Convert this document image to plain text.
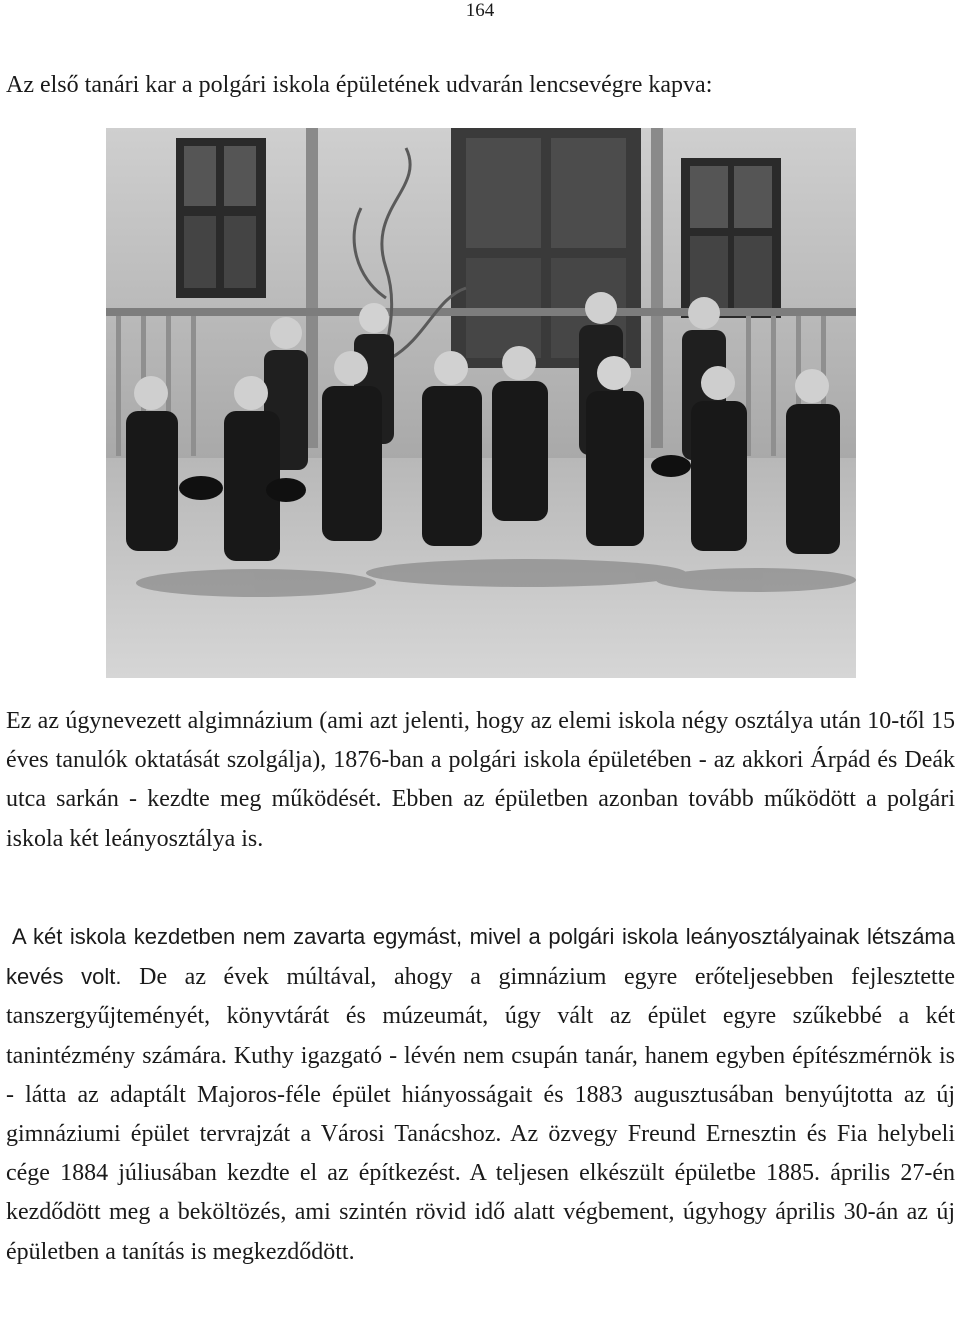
164
Az első tanári kar a polgári iskola épületének udvarán lencsevégre kapva:

Ez az úgynevezett algimnázium (ami azt jelenti, hogy az elemi iskola négy osztálya után 10-től 15 éves tanulók oktatását szolgálja), 1876-ban a polgári iskola épületében - az akkori Árpád és Deák utca sarkán - kezdte meg működését. Ebben az épületben azonban tovább működött a polgári iskola két leányosztálya is.

A két iskola kezdetben nem zavarta egymást, mivel a polgári iskola leányosztályainak létszáma kevés volt. De az évek múltával, ahogy a gimnázium egyre erőteljesebben fejlesztette tanszergyűjteményét, könyvtárát és múzeumát, úgy vált az épület egyre szűkebbé a két tanintézmény számára. Kuthy igazgató - lévén nem csupán tanár, hanem egyben építészmérnök is - látta az adaptált Majoros-féle épület hiányosságait és 1883 augusztusában benyújtotta az új gimnáziumi épület tervrajzát a Városi Tanácshoz. Az özvegy Freund Ernesztin és Fia helybeli cége 1884 júliusában kezdte el az építkezést. A teljesen elkészült épületbe 1885. április 27-én kezdődött meg a beköltözés, ami szintén rövid idő alatt végbement, úgyhogy április 30-án az új épületben a tanítás is megkezdődött.
